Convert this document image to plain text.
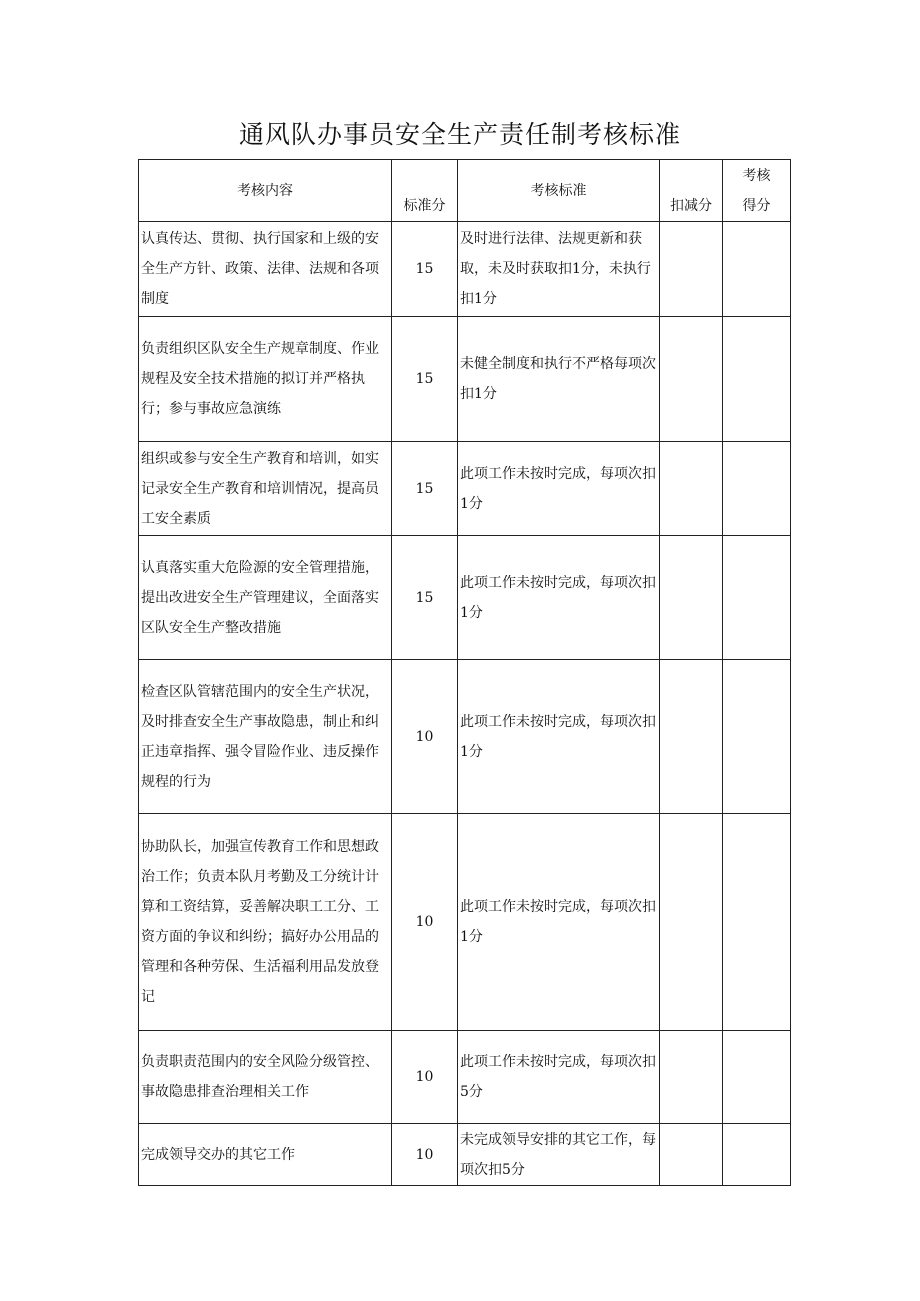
通风队办事员安全生产责任制考核标准
考核内容	标准分	考核标准	扣减分	考核
得分

认真传达、贯彻、执行国家和上级的安全生产方针、政策、法律、法规和各项制度	15	及时进行法律、法规更新和获取，未及时获取扣1分，未执行扣1分		
负责组织区队安全生产规章制度、作业规程及安全技术措施的拟订并严格执行；参与事故应急演练	15	未健全制度和执行不严格每项次扣1分		
组织或参与安全生产教育和培训，如实记录安全生产教育和培训情况，提高员工安全素质	15	此项工作未按时完成，每项次扣1分		
认真落实重大危险源的安全管理措施，提出改进安全生产管理建议，全面落实区队安全生产整改措施	15	此项工作未按时完成，每项次扣1分		
检查区队管辖范围内的安全生产状况，及时排查安全生产事故隐患，制止和纠正违章指挥、强令冒险作业、违反操作规程的行为	10	此项工作未按时完成，每项次扣1分		
协助队长，加强宣传教育工作和思想政治工作；负责本队月考勤及工分统计计算和工资结算，妥善解决职工工分、工资方面的争议和纠纷；搞好办公用品的管理和各种劳保、生活福利用品发放登记	10	此项工作未按时完成，每项次扣1分		
负责职责范围内的安全风险分级管控、事故隐患排查治理相关工作	10	此项工作未按时完成，每项次扣5分		
完成领导交办的其它工作	10	未完成领导安排的其它工作，每项次扣5分		
